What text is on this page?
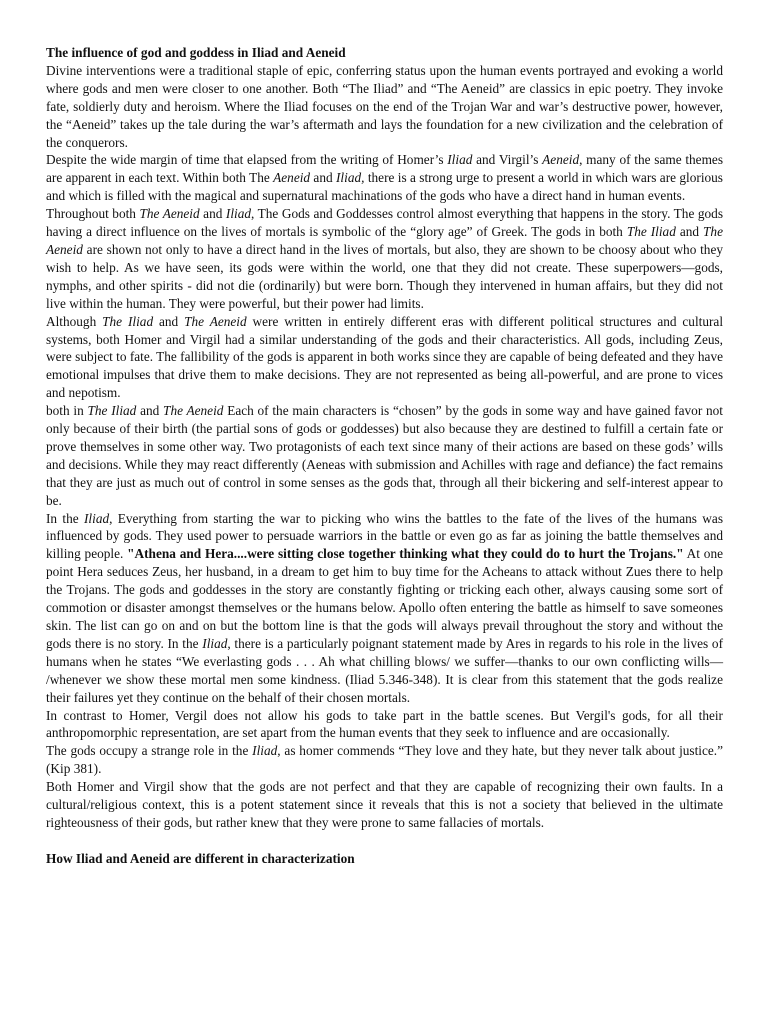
The influence of god and goddess in Iliad and Aeneid

Divine interventions were a traditional staple of epic, conferring status upon the human events portrayed and evoking a world where gods and men were closer to one another. Both “The Iliad” and “The Aeneid” are classics in epic poetry. They invoke fate, soldierly duty and heroism. Where the Iliad focuses on the end of the Trojan War and war’s destructive power, however, the “Aeneid” takes up the tale during the war’s aftermath and lays the foundation for a new civilization and the celebration of the conquerors.

Despite the wide margin of time that elapsed from the writing of Homer’s Iliad and Virgil’s Aeneid, many of the same themes are apparent in each text. Within both The Aeneid and Iliad, there is a strong urge to present a world in which wars are glorious and which is filled with the magical and supernatural machinations of the gods who have a direct hand in human events.

Throughout both The Aeneid and Iliad, The Gods and Goddesses control almost everything that happens in the story. The gods having a direct influence on the lives of mortals is symbolic of the “glory age” of Greek. The gods in both The Iliad and The Aeneid are shown not only to have a direct hand in the lives of mortals, but also, they are shown to be choosy about who they wish to help. As we have seen, its gods were within the world, one that they did not create. These superpowers—gods, nymphs, and other spirits - did not die (ordinarily) but were born. Though they intervened in human affairs, but they did not live within the human. They were powerful, but their power had limits.

Although The Iliad and The Aeneid were written in entirely different eras with different political structures and cultural systems, both Homer and Virgil had a similar understanding of the gods and their characteristics. All gods, including Zeus, were subject to fate. The fallibility of the gods is apparent in both works since they are capable of being defeated and they have emotional impulses that drive them to make decisions. They are not represented as being all-powerful, and are prone to vices and nepotism.

both in The Iliad and The Aeneid Each of the main characters is “chosen” by the gods in some way and have gained favor not only because of their birth (the partial sons of gods or goddesses) but also because they are destined to fulfill a certain fate or prove themselves in some other way. Two protagonists of each text since many of their actions are based on these gods’ wills and decisions. While they may react differently (Aeneas with submission and Achilles with rage and defiance) the fact remains that they are just as much out of control in some senses as the gods that, through all their bickering and self-interest appear to be.

In the Iliad, Everything from starting the war to picking who wins the battles to the fate of the lives of the humans was influenced by gods. They used power to persuade warriors in the battle or even go as far as joining the battle themselves and killing people. "Athena and Hera....were sitting close together thinking what they could do to hurt the Trojans." At one point Hera seduces Zeus, her husband, in a dream to get him to buy time for the Acheans to attack without Zues there to help the Trojans. The gods and goddesses in the story are constantly fighting or tricking each other, always causing some sort of commotion or disaster amongst themselves or the humans below. Apollo often entering the battle as himself to save someones skin. The list can go on and on but the bottom line is that the gods will always prevail throughout the story and without the gods there is no story. In the Iliad, there is a particularly poignant statement made by Ares in regards to his role in the lives of humans when he states “We everlasting gods . . . Ah what chilling blows/ we suffer—thanks to our own conflicting wills— /whenever we show these mortal men some kindness. (Iliad 5.346-348). It is clear from this statement that the gods realize their failures yet they continue on the behalf of their chosen mortals.

In contrast to Homer, Vergil does not allow his gods to take part in the battle scenes. But Vergil's gods, for all their anthropomorphic representation, are set apart from the human events that they seek to influence and are occasionally.

The gods occupy a strange role in the Iliad, as homer commends “They love and they hate, but they never talk about justice.” (Kip 381).

Both Homer and Virgil show that the gods are not perfect and that they are capable of recognizing their own faults. In a cultural/religious context, this is a potent statement since it reveals that this is not a society that believed in the ultimate righteousness of their gods, but rather knew that they were prone to same fallacies of mortals.

How Iliad and Aeneid are different in characterization
